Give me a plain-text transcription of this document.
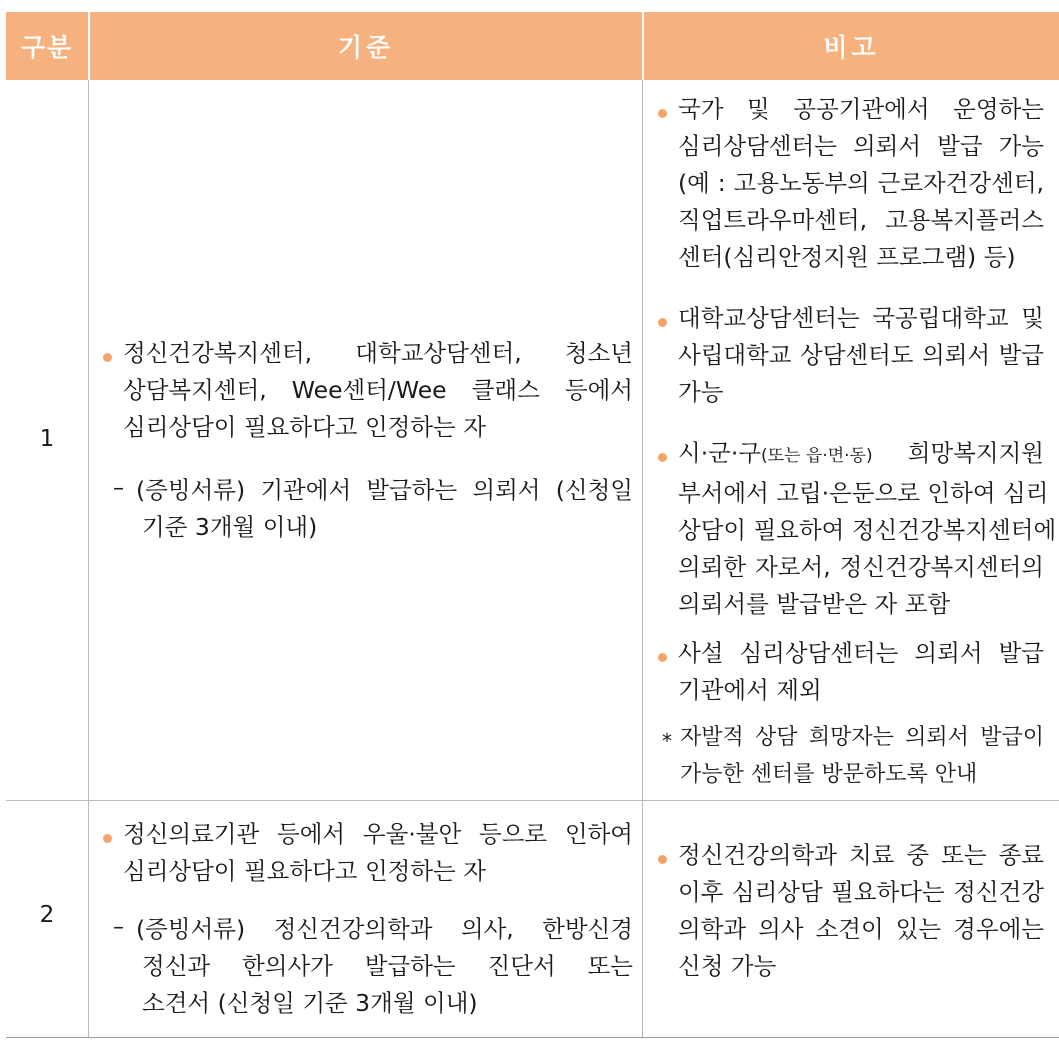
구분	기준	비고
1
정신건강복지센터, 대학교상담센터, 청소년
상담복지센터, Wee센터/Wee 클래스 등에서
심리상담이 필요하다고 인정하는 자
– (증빙서류) 기관에서 발급하는 의뢰서 (신청일
기준 3개월 이내)
국가 및 공공기관에서 운영하는
심리상담센터는 의뢰서 발급 가능
(예 : 고용노동부의 근로자건강센터,
직업트라우마센터, 고용복지플러스
센터(심리안정지원 프로그램) 등)
대학교상담센터는 국공립대학교 및
사립대학교 상담센터도 의뢰서 발급
가능
시·군·구(또는 읍·면·동) 희망복지지원
부서에서 고립·은둔으로 인하여 심리
상담이 필요하여 정신건강복지센터에
의뢰한 자로서, 정신건강복지센터의
의뢰서를 발급받은 자 포함
사설 심리상담센터는 의뢰서 발급
기관에서 제외
* 자발적 상담 희망자는 의뢰서 발급이
가능한 센터를 방문하도록 안내
2
정신의료기관 등에서 우울·불안 등으로 인하여
심리상담이 필요하다고 인정하는 자
– (증빙서류) 정신건강의학과 의사, 한방신경
정신과 한의사가 발급하는 진단서 또는
소견서 (신청일 기준 3개월 이내)
정신건강의학과 치료 중 또는 종료
이후 심리상담 필요하다는 정신건강
의학과 의사 소견이 있는 경우에는
신청 가능
